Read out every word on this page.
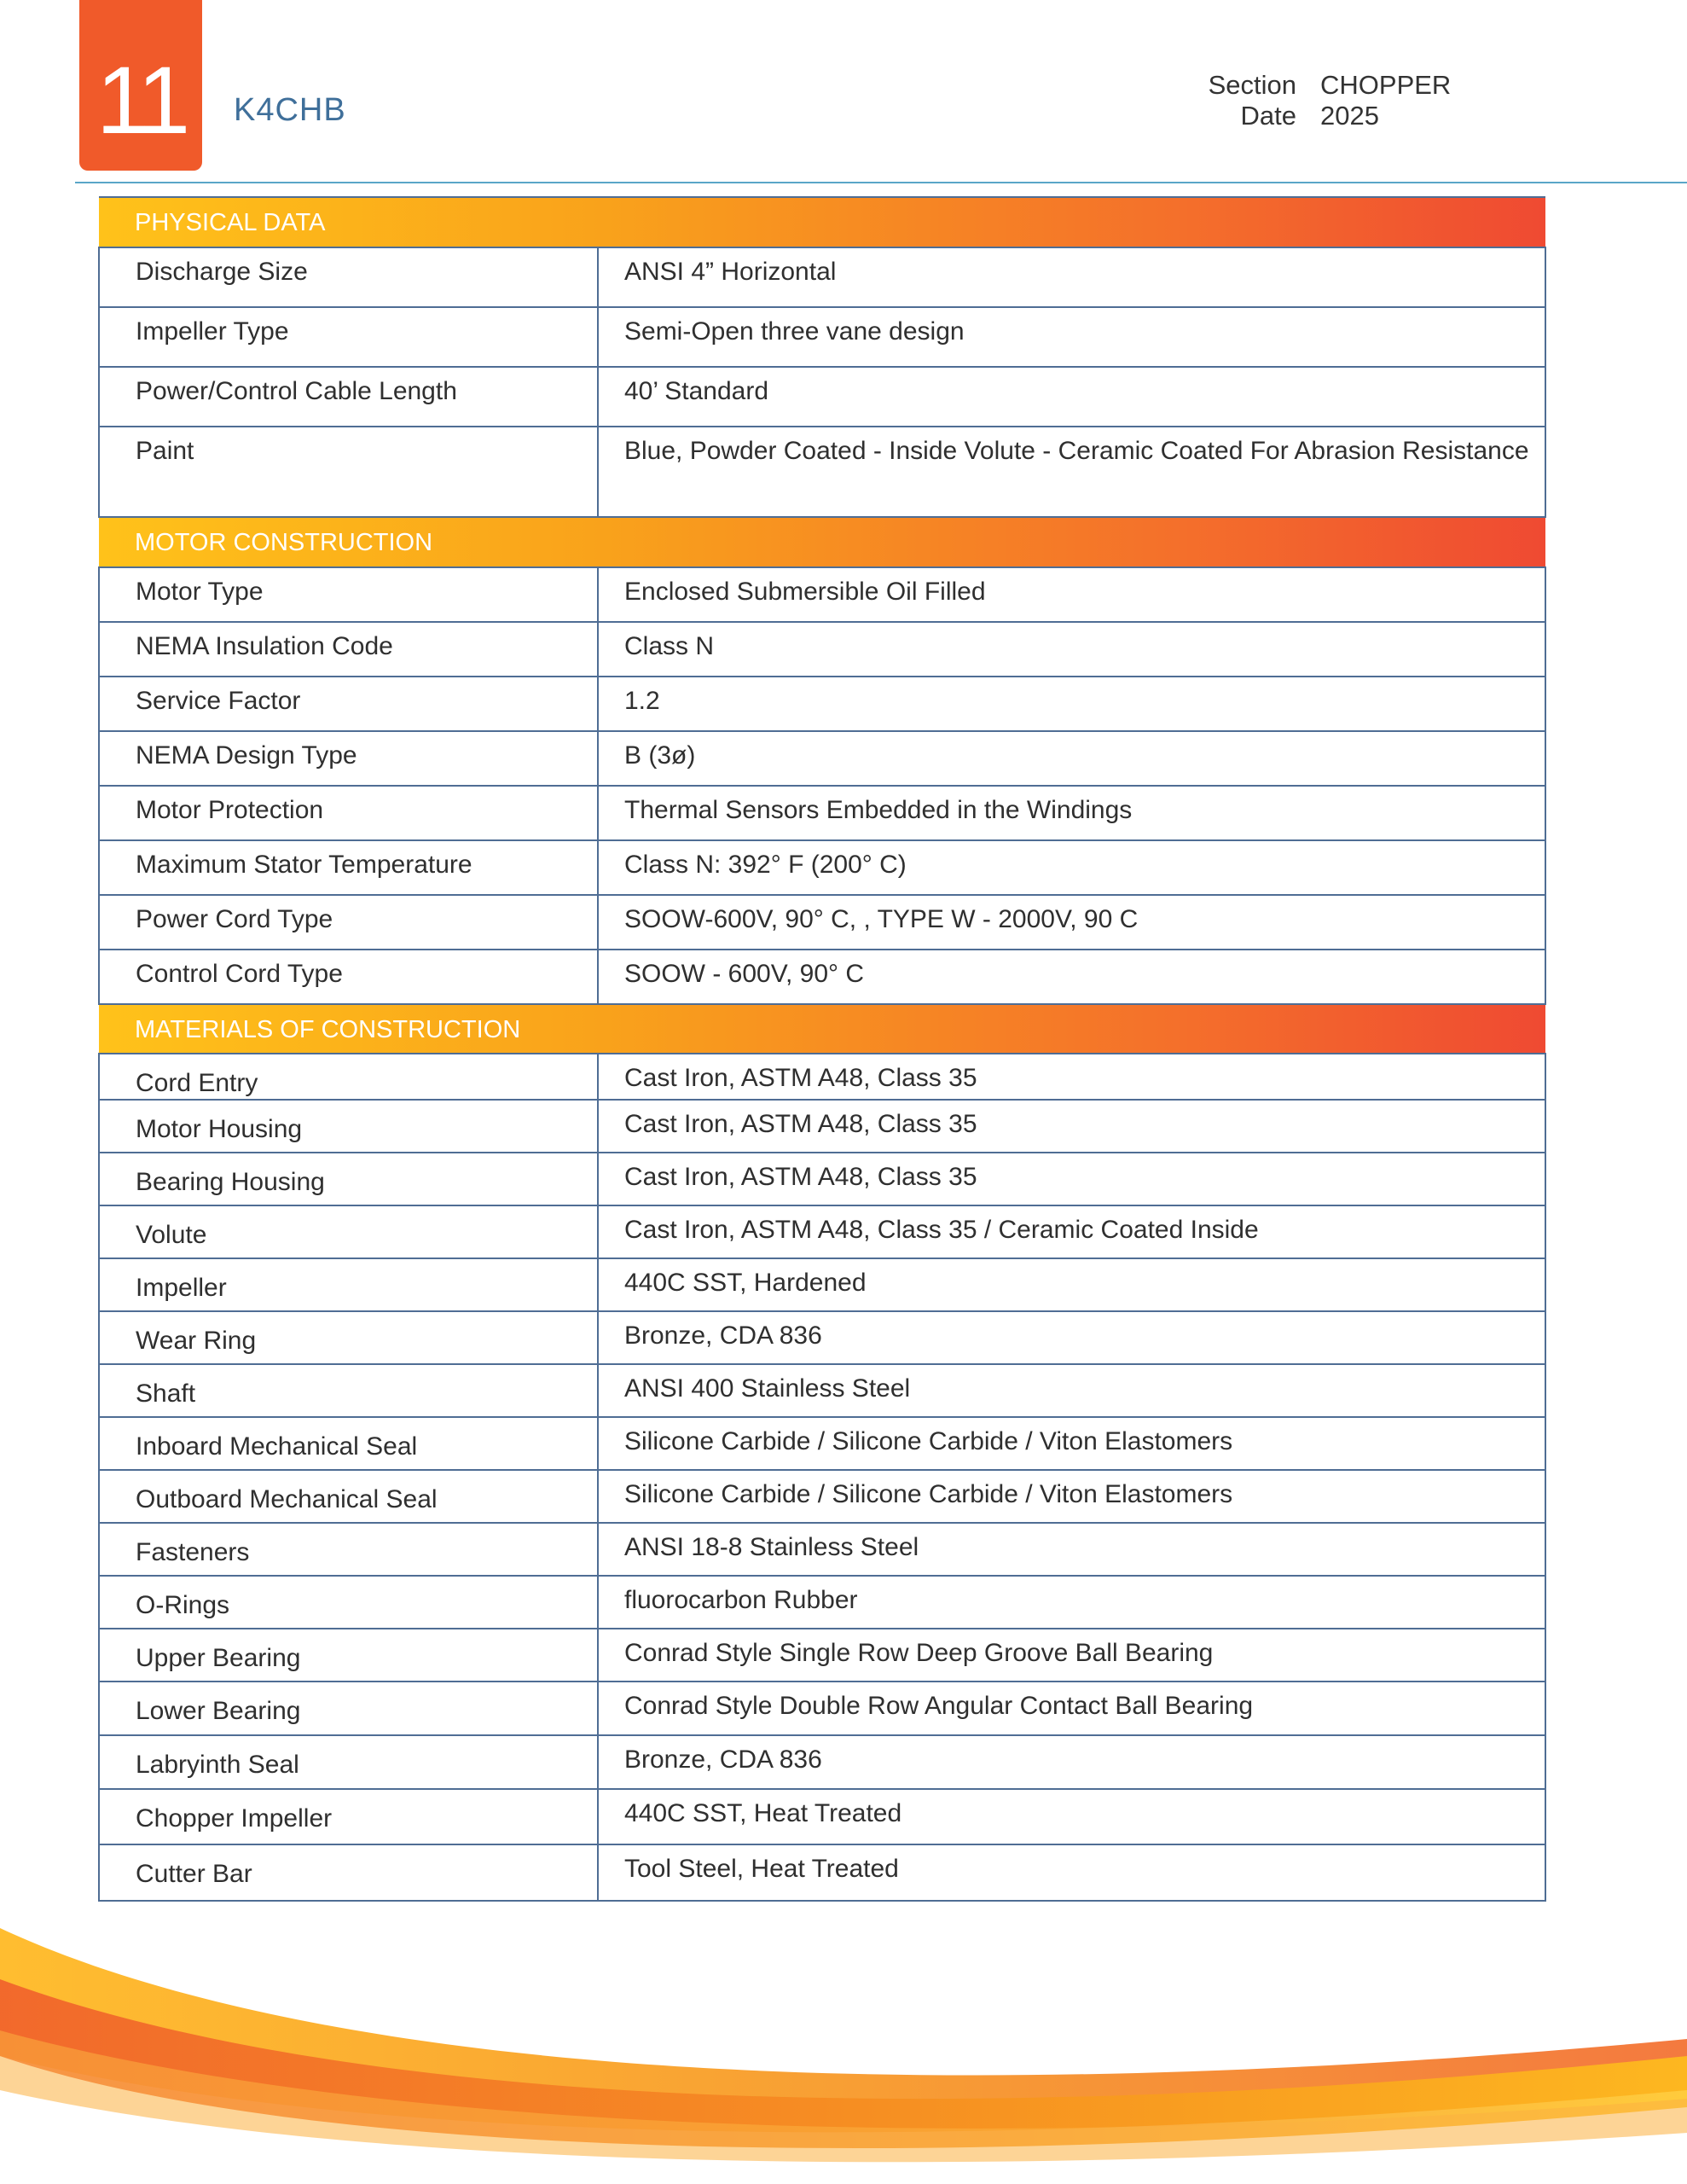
11 K4CHB
Section CHOPPER
Date 2025
PHYSICAL DATA	
Discharge Size	ANSI 4” Horizontal
Impeller Type	Semi-Open three vane design
Power/Control Cable Length	40’ Standard
Paint	Blue, Powder Coated - Inside Volute - Ceramic Coated For Abrasion Resistance
MOTOR CONSTRUCTION	
Motor Type	Enclosed Submersible Oil Filled
NEMA Insulation Code	Class N
Service Factor	1.2
NEMA Design Type	B (3ø)
Motor Protection	Thermal Sensors Embedded in the Windings
Maximum Stator Temperature	Class N: 392° F (200° C)
Power Cord Type	SOOW-600V, 90° C, , TYPE W - 2000V, 90 C
Control Cord Type	SOOW - 600V, 90° C
MATERIALS OF CONSTRUCTION	
Cord Entry	Cast Iron, ASTM A48, Class 35
Motor Housing	Cast Iron, ASTM A48, Class 35
Bearing Housing	Cast Iron, ASTM A48, Class 35
Volute	Cast Iron, ASTM A48, Class 35 / Ceramic Coated Inside
Impeller	440C SST, Hardened
Wear Ring	Bronze, CDA 836
Shaft	ANSI 400 Stainless Steel
Inboard Mechanical Seal	Silicone Carbide / Silicone Carbide / Viton Elastomers
Outboard Mechanical Seal	Silicone Carbide / Silicone Carbide / Viton Elastomers
Fasteners	ANSI 18-8 Stainless Steel
O-Rings	fluorocarbon Rubber
Upper Bearing	Conrad Style Single Row Deep Groove Ball Bearing
Lower Bearing	Conrad Style Double Row Angular Contact Ball Bearing
Labryinth Seal	Bronze, CDA 836
Chopper Impeller	440C SST, Heat Treated
Cutter Bar	Tool Steel, Heat Treated
